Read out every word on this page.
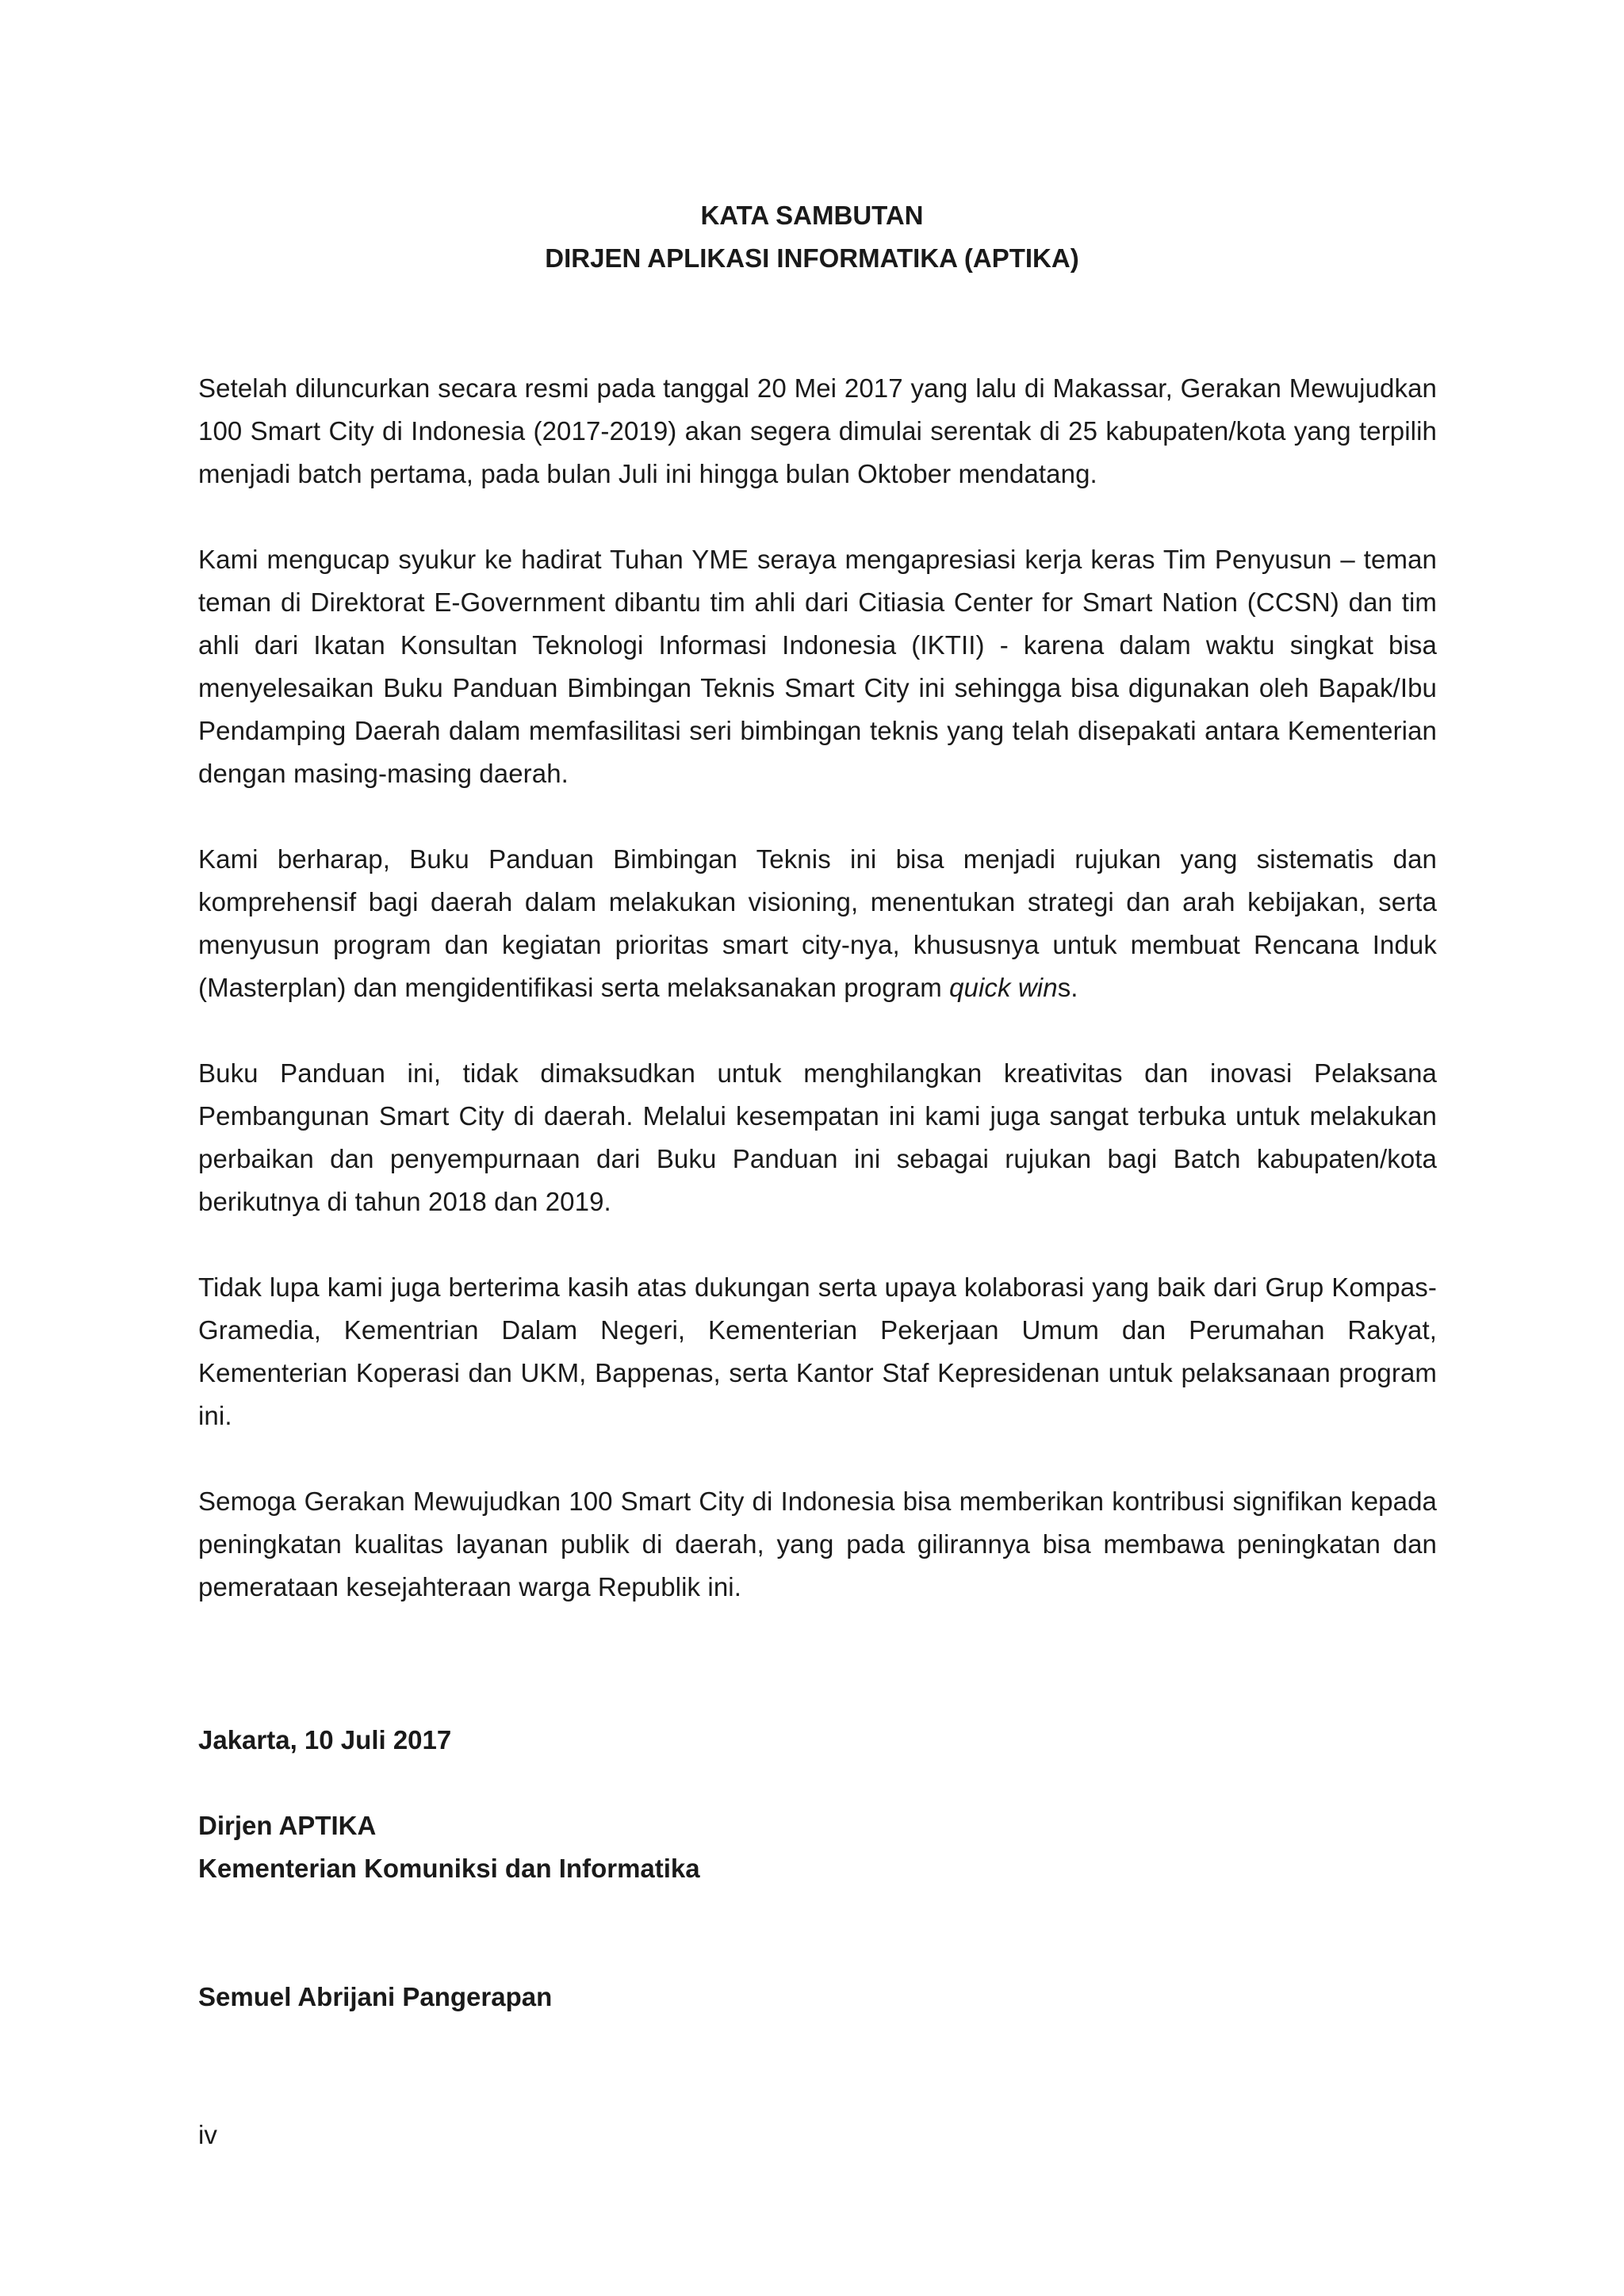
KATA SAMBUTAN
DIRJEN APLIKASI INFORMATIKA (APTIKA)

Setelah diluncurkan secara resmi pada tanggal 20 Mei 2017 yang lalu di Makassar, Gerakan Mewujudkan 100 Smart City di Indonesia (2017-2019) akan segera dimulai serentak di 25 kabupaten/kota yang terpilih menjadi batch pertama, pada bulan Juli ini hingga bulan Oktober mendatang.

Kami mengucap syukur ke hadirat Tuhan YME seraya mengapresiasi kerja keras Tim Penyusun – teman teman di Direktorat E-Government dibantu tim ahli dari Citiasia Center for Smart Nation (CCSN) dan tim ahli dari Ikatan Konsultan Teknologi Informasi Indonesia (IKTII) - karena dalam waktu singkat bisa menyelesaikan Buku Panduan Bimbingan Teknis Smart City ini sehingga bisa digunakan oleh Bapak/Ibu Pendamping Daerah dalam memfasilitasi seri bimbingan teknis yang telah disepakati antara Kementerian dengan masing-masing daerah.

Kami berharap, Buku Panduan Bimbingan Teknis ini bisa menjadi rujukan yang sistematis dan komprehensif bagi daerah dalam melakukan visioning, menentukan strategi dan arah kebijakan, serta menyusun program dan kegiatan prioritas smart city-nya, khususnya untuk membuat Rencana Induk (Masterplan) dan mengidentifikasi serta melaksanakan program quick wins.

Buku Panduan ini, tidak dimaksudkan untuk menghilangkan kreativitas dan inovasi Pelaksana Pembangunan Smart City di daerah. Melalui kesempatan ini kami juga sangat terbuka untuk melakukan perbaikan dan penyempurnaan dari Buku Panduan ini sebagai rujukan bagi Batch kabupaten/kota berikutnya di tahun 2018 dan 2019.

Tidak lupa kami juga berterima kasih atas dukungan serta upaya kolaborasi yang baik dari Grup Kompas-Gramedia, Kementrian Dalam Negeri, Kementerian Pekerjaan Umum dan Perumahan Rakyat, Kementerian Koperasi dan UKM, Bappenas, serta Kantor Staf Kepresidenan untuk pelaksanaan program ini.

Semoga Gerakan Mewujudkan 100 Smart City di Indonesia bisa memberikan kontribusi signifikan kepada peningkatan kualitas layanan publik di daerah, yang pada gilirannya bisa membawa peningkatan dan pemerataan kesejahteraan warga Republik ini.

Jakarta, 10 Juli 2017
Dirjen APTIKA
Kementerian Komuniksi dan Informatika
Semuel Abrijani Pangerapan
iv
